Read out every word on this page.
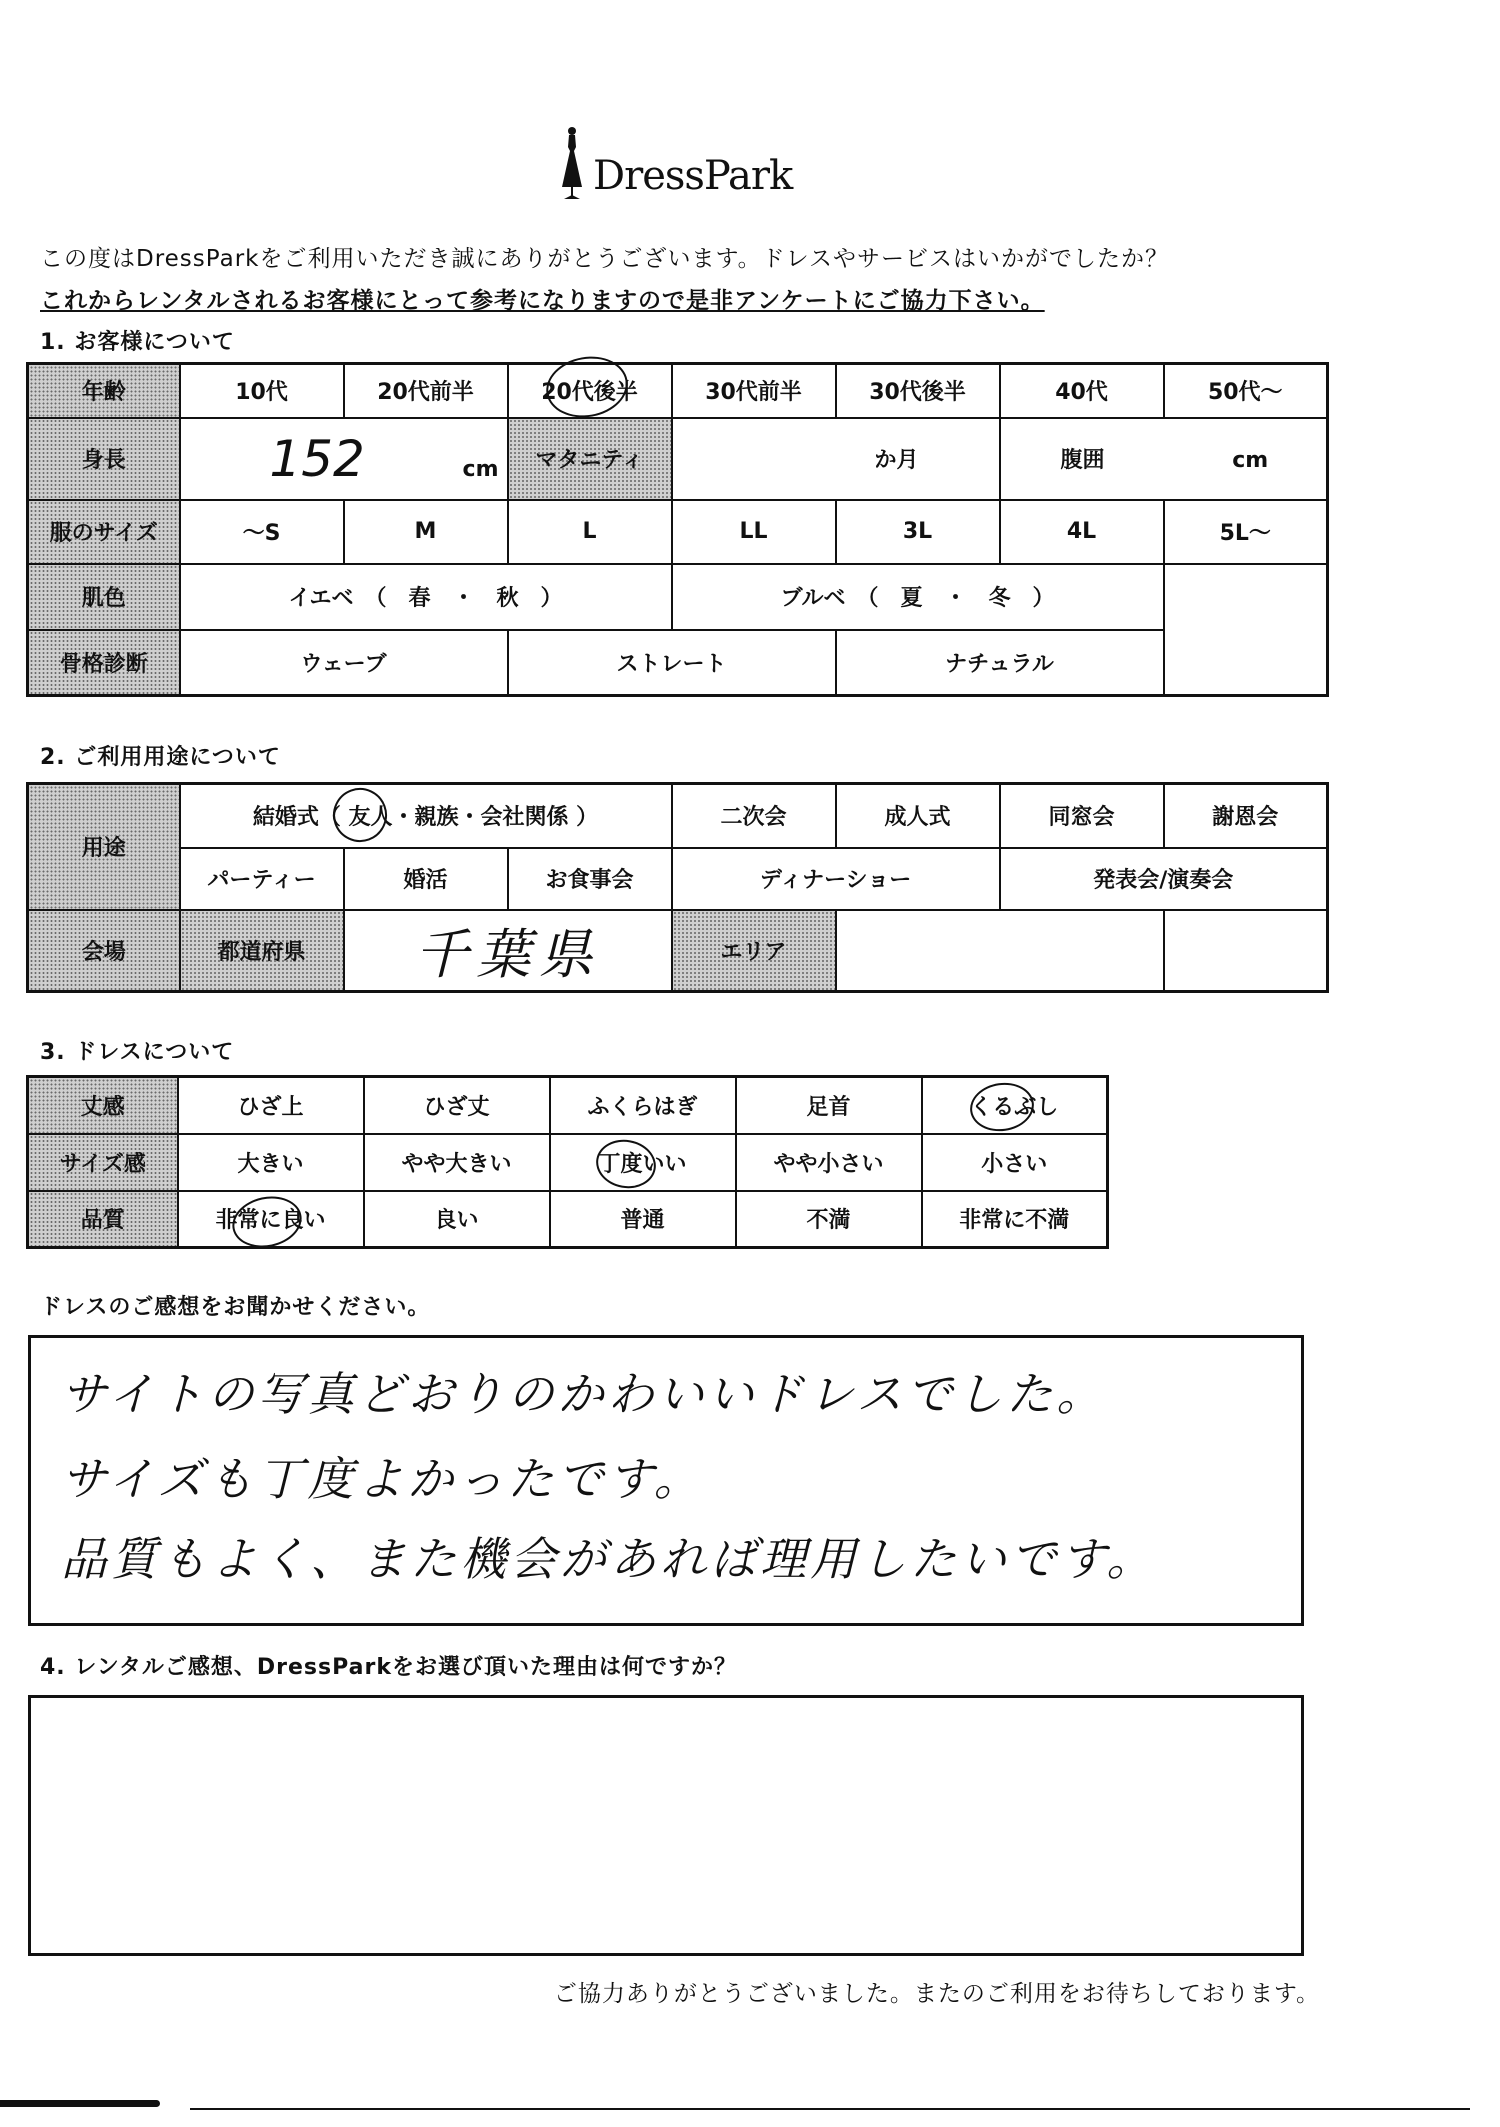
DressPark
この度はDressParkをご利用いただき誠にありがとうございます。ドレスやサービスはいかがでしたか？
これからレンタルされるお客様にとって参考になりますので是非アンケートにご協力下さい。
1. お客様について
年齢	10代	20代前半	20代後半	30代前半	30代後半	40代	50代〜
身長	152 cm		マタニティ	か月		腹囲 cm	
服のサイズ	〜S	M	L	LL	3L	4L	5L〜
肌色	イエベ　（　春　・　秋　）			ブルベ　（　夏　・　冬　）			
骨格診断	ウェーブ		ストレート		ナチュラル		
2. ご利用用途について
用途	結婚式（ 友人・親族・会社関係 ）			二次会	成人式	同窓会	謝恩会
	パーティー	婚活	お食事会	ディナーショー		発表会/演奏会	
会場	都道府県	千葉県		エリア			
3. ドレスについて
丈感	ひざ上	ひざ丈	ふくらはぎ	足首	くるぶし
サイズ感	大きい	やや大きい	丁度いい	やや小さい	小さい
品質	非常に良い	良い	普通	不満	非常に不満
ドレスのご感想をお聞かせください。
サイトの写真どおりのかわいいドレスでした。
サイズも丁度よかったです。
品質もよく、また機会があれば理用したいです。
4. レンタルご感想、DressParkをお選び頂いた理由は何ですか？
ご協力ありがとうございました。またのご利用をお待ちしております。
